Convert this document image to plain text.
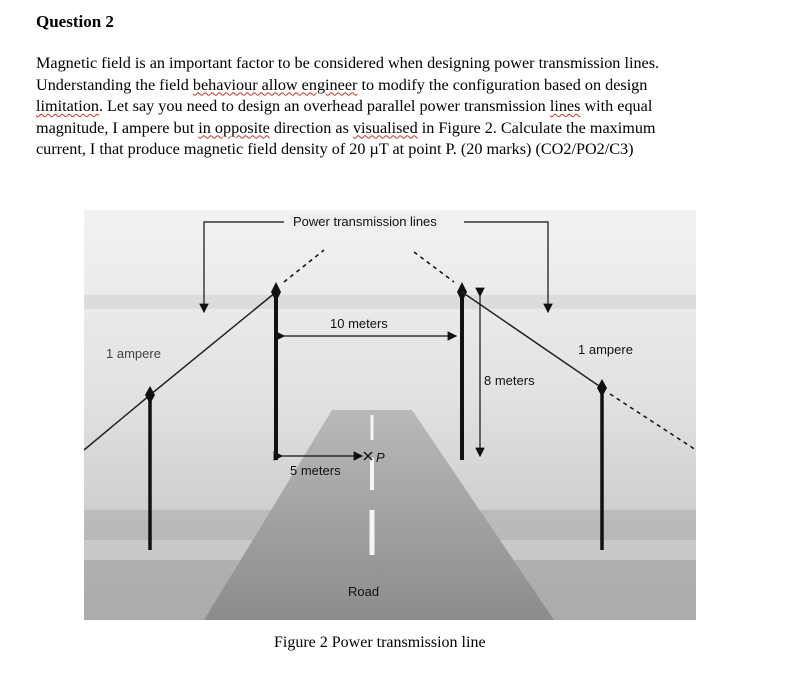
Question 2
Magnetic field is an important factor to be considered when designing power transmission lines.
Understanding the field behaviour allow engineer to modify the configuration based on design
limitation. Let say you need to design an overhead parallel power transmission lines with equal
magnitude, I ampere but in opposite direction as visualised in Figure 2. Calculate the maximum
current, I that produce magnetic field density of 20 µT at point P. (20 marks) (CO2/PO2/C3)
Power transmission lines
10 meters
1 ampere	1 ampere
8 meters
5 meters
P
Road
Figure 2 Power transmission line
